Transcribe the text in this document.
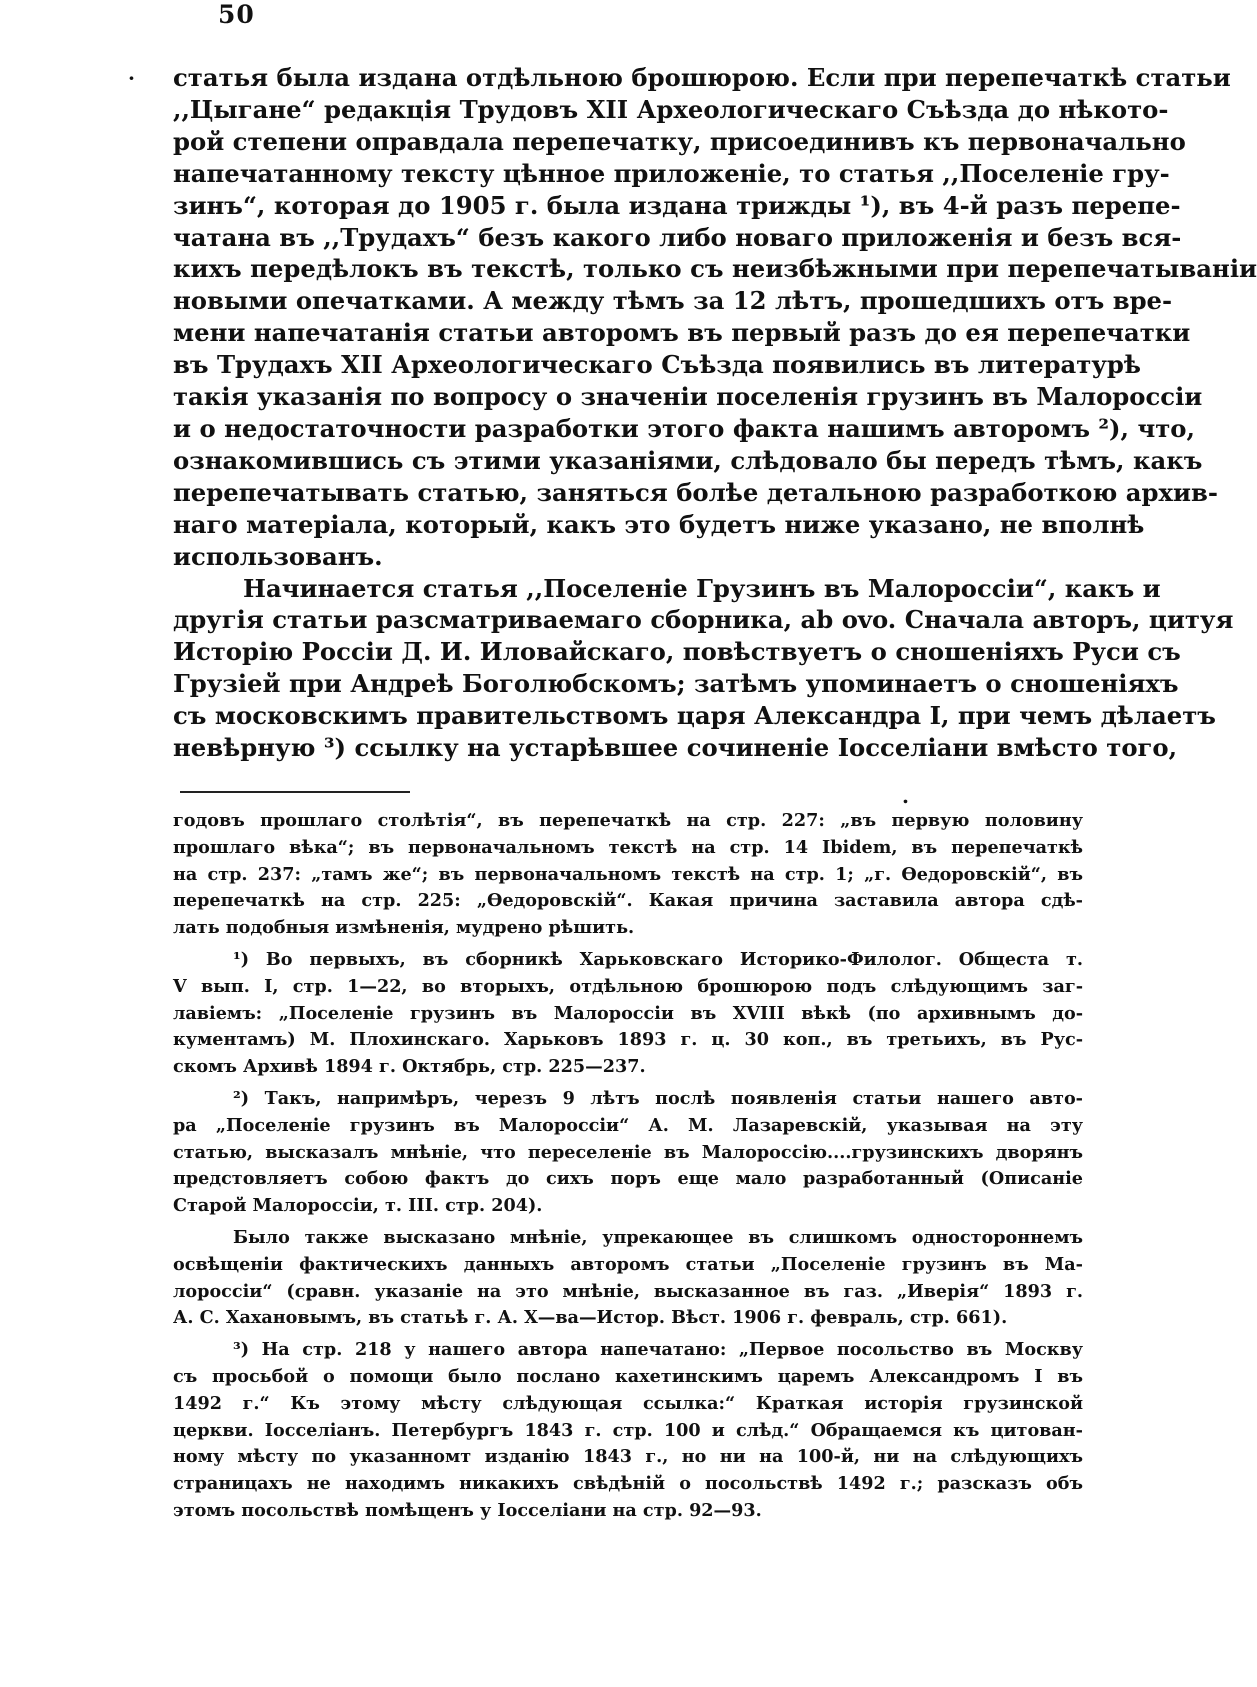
50
·
.
статья была издана отдѣльною брошюрою. Если при перепечаткѣ статьи
,,Цыгане“ редакція Трудовъ XII Археологическаго Съѣзда до нѣкото-
рой степени оправдала перепечатку, присоединивъ къ первоначально
напечатанному тексту цѣнное приложеніе, то статья ,,Поселеніе гру-
зинъ“, которая до 1905 г. была издана трижды ¹), въ 4-й разъ перепе-
чатана въ ,,Трудахъ“ безъ какого либо новаго приложенія и безъ вся-
кихъ передѣлокъ въ текстѣ, только съ неизбѣжными при перепечатываніи
новыми опечатками. А между тѣмъ за 12 лѣтъ, прошедшихъ отъ вре-
мени напечатанія статьи авторомъ въ первый разъ до ея перепечатки
въ Трудахъ XII Археологическаго Съѣзда появились въ литературѣ
такія указанія по вопросу о значеніи поселенія грузинъ въ Малороссіи
и о недостаточности разработки этого факта нашимъ авторомъ ²), что,
ознакомившись съ этими указаніями, слѣдовало бы передъ тѣмъ, какъ
перепечатывать статью, заняться болѣе детальною разработкою архив-
наго матеріала, который, какъ это будетъ ниже указано, не вполнѣ
использованъ.
Начинается статья ,,Поселеніе Грузинъ въ Малороссіи“, какъ и
другія статьи разсматриваемаго сборника, ab ovo. Сначала авторъ, цитуя
Исторію Россіи Д. И. Иловайскаго, повѣствуетъ о сношеніяхъ Руси съ
Грузіей при Андреѣ Боголюбскомъ; затѣмъ упоминаетъ о сношеніяхъ
съ московскимъ правительствомъ царя Александра I, при чемъ дѣлаетъ
невѣрную ³) ссылку на устарѣвшее сочиненіе Іосселіани вмѣсто того,

годовъ прошлаго столѣтія“, въ перепечаткѣ на стр. 227: „въ первую половину
прошлаго вѣка“; въ первоначальномъ текстѣ на стр. 14 Ibidem, въ перепечаткѣ
на стр. 237: „тамъ же“; въ первоначальномъ текстѣ на стр. 1; „г. Ѳедоровскій“, въ
перепечаткѣ на стр. 225: „Ѳедоровскій“. Какая причина заставила автора сдѣ-
лать подобныя измѣненія, мудрено рѣшить.

¹) Во первыхъ, въ сборникѣ Харьковскаго Историко-Филолог. Общеста т.
V вып. I, стр. 1—22, во вторыхъ, отдѣльною брошюрою подъ слѣдующимъ заг-
лавіемъ: „Поселеніе грузинъ въ Малороссіи въ XVIII вѣкѣ (по архивнымъ до-
кументамъ) М. Плохинскаго. Харьковъ 1893 г. ц. 30 коп., въ третьихъ, въ Рус-
скомъ Архивѣ 1894 г. Октябрь, стр. 225—237.

²) Такъ, напримѣръ, черезъ 9 лѣтъ послѣ появленія статьи нашего авто-
ра „Поселеніе грузинъ въ Малороссіи“ А. М. Лазаревскій, указывая на эту
статью, высказалъ мнѣніе, что переселеніе въ Малороссію....грузинскихъ дворянъ
предстовляетъ собою фактъ до сихъ поръ еще мало разработанный (Описаніе
Старой Малороссіи, т. III. стр. 204).

Было также высказано мнѣніе, упрекающее въ слишкомъ одностороннемъ
освѣщеніи фактическихъ данныхъ авторомъ статьи „Поселеніе грузинъ въ Ма-
лороссіи“ (сравн. указаніе на это мнѣніе, высказанное въ газ. „Иверія“ 1893 г.
А. С. Хахановымъ, въ статьѣ г. А. Х—ва—Истор. Вѣст. 1906 г. февраль, стр. 661).

³) На стр. 218 у нашего автора напечатано: „Первое посольство въ Москву
съ просьбой о помощи было послано кахетинскимъ царемъ Александромъ I въ
1492 г.“ Къ этому мѣсту слѣдующая ссылка:“ Краткая исторія грузинской
церкви. Іосселіанъ. Петербургъ 1843 г. стр. 100 и слѣд.“ Обращаемся къ цитован-
ному мѣсту по указанномт изданію 1843 г., но ни на 100-й, ни на слѣдующихъ
страницахъ не находимъ никакихъ свѣдѣній о посольствѣ 1492 г.; разсказъ объ
этомъ посольствѣ помѣщенъ у Іосселіани на стр. 92—93.
